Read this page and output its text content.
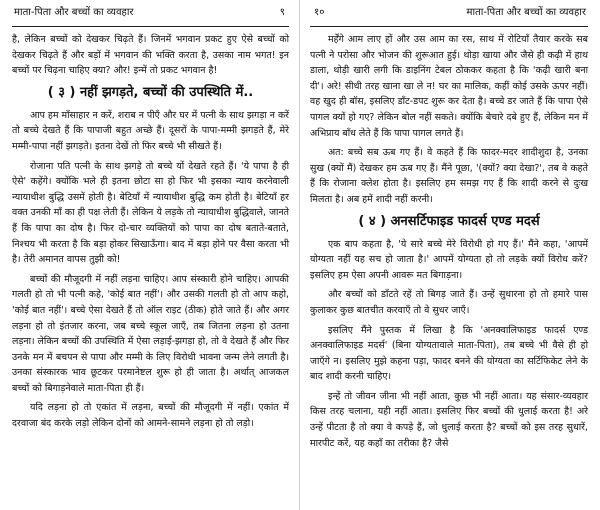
माता-पिता और बच्चों का व्यवहार	९

है, लेकिन बच्चों को देखकर चिढ़ते हैं। जिनमें भगवान प्रकट हुए ऐसे बच्चों को देखकर चिढ़ते हैं और बड़ों में भगवान की भक्ति करता है, उसका नाम भगत! इन बच्चों पर चिढ़ना चाहिए क्या? और! इन्में तो प्रकट भगवान है!

( ३ ) नहीं झगड़ते, बच्चों की उपस्थिति में..

आप हम माँसाहार न करें, शराब न पीएँ और घर में पत्नी के साथ झगड़ा न करें तो बच्चे देखते हैं कि पापाजी बहुत अच्छे हैं। दूसरों के पापा-मम्मी झगड़ते हैं, मेरे मम्मी-पापा नहीं झगड़ते। इतना देखें तो फिर बच्चे भी सीखते हैं।

रोजाना पति पत्नी के साथ झगड़े तो बच्चे यों देखते रहते हैं। 'ये पापा है ही ऐसे' कहेंगे। क्योंकि भले ही इतना छोटा सा हो फिर भी इसका न्याय करनेवाली न्यायाधीश बुद्धि उसमें होती है। बेटियाँ में न्यायाधीश बुद्धि कम होती है। बेटियाँ हर वक्त उनकी माँ का ही पक्ष लेती हैं। लेकिन ये लड़के तो न्यायाधीश बुद्धिवाले, जानते हैं कि पापा का दोष है। फिर दो-चार व्यक्तियों को पापा का दोष बताते-बताते, निश्चय भी करता है कि बड़ा होकर सिखाऊँगा। बाद में बड़ा होने पर वैसा करता भी है। तेरी अमानत वापस तुझी को!

बच्चों की मौजूदगी में नहीं लड़ना चाहिए। आप संस्कारी होने चाहिए। आपकी गलती हो तो भी पत्नी कहे, 'कोई बात नहीं'। और उसकी गलती हो तो आप कहो, 'कोई बात नहीं'। बच्चे ऐसा देखते हैं तो ऑल राइट (ठीक) होते जाते हैं। और अगर लड़ना हो तो इंतजार करना, जब बच्चे स्कूल जाएँ, तब जितना लड़ना हो उतना लड़ना। लेकिन बच्चों की उपस्थिति में ऐसा लड़ाई-झगड़ा हो, तो वे देखते हैं और फिर उनके मन में बचपन से पापा और मम्मी के लिए विरोधी भावना जन्म लेने लगती है। उनका संस्कारक भाव छूटकर परमानेष्टल शुरू हो ही जाता है। अर्थात् आजकल बच्चों को बिगाड़नेवाले माता-पिता ही हैं।

यदि लड़ना हो तो एकांत में लड़ना, बच्चों की मौजूदगी में नहीं। एकांत में दरवाजा बंद करके लड़ो लेकिन दोनों को आमने-सामने लड़ना हो तो लड़ो।

१०	माता-पिता और बच्चों का व्यवहार

मर्हेंगे आम लाए हों और उस आम का रस, साथ में रोटियाँ तैयार करके सब पत्नी ने परोसा और भोजन की शुरूआत हुई। थोड़ा खाया और जैसे ही कढ़ी में हाथ डाला, थोड़ी खारी लगी कि डाइनिंग टेबल ठोककर कहता है कि 'कढ़ी खारी बना दी'। अरे! सीधी तरह खाना खा ले न! घर का मालिक, कहीं कोई उसके ऊपर नहीं। वह खुद ही बॉस, इसलिए डाँट-डपट शुरू कर देता है। बच्चे डर जाते हैं कि पापा ऐसे पागल क्यों हो गए? लेकिन बोल नहीं सकते। क्योंकि बेचारे दबे हुए हैं, लेकिन मन में अभिप्राय बाँध लेते हैं कि पापा पागल लगते हैं।

अत: बच्चे सब ऊब गए हैं। वे कहते हैं कि फादर-मदर शादीशुदा है, उनका सुख (क्यों मैं) देखकर हम ऊब गए हैं। मैंने पूछा, '(क्यों? क्या देखा?', तब वे कहते हैं कि रोजाना क्लेश होता है। इसलिए हम समझ गए हैं कि शादी करने से दुःख मिलता है। अब हमें शादी नहीं करनी।

( ४ ) अनसर्टिफाइड फादर्स एण्ड मदर्स

एक बाप कहता है, 'ये सारे बच्चे मेरे विरोधी हो गए हैं।' मैंने कहा, 'आपमें योग्यता नहीं यह सच हो जाता है।' आपमें योग्यता हो तो लड़के क्यों विरोध करें? इसलिए हम ऐसा अपनी आवरू मत बिगाड़ना।

और बच्चों को डाँटते रहें तो बिगड़ जाते हैं। उन्हें सुधारना हो तो हमारे पास कुलाकर कुछ बातचीत करवाएँ तो वे सुधर जाएँ।

इसलिए मैंने पुस्तक में लिखा है कि 'अनक्वालिफाइड फादर्स एण्ड अनक्वालिफाइड मदर्स' (बिना योग्यतावाले माता-पिता), तब बच्चे भी वैसे ही हो जाएँगे न। इसलिए मुझे कहना पड़ा, फादर बनने की योग्यता का सर्टिफिकेट लेने के बाद शादी करनी चाहिए।

इन्हें तो जीवन जीना भी नहीं आता, कुछ भी नहीं आता। यह संसार-व्यवहार किस तरह चलाना, यही नहीं आता। इसलिए फिर बच्चों की धुलाई करता है! अरे उन्हें पीटता है तो क्या वे कपड़े हैं, जो धुलाई करता है? बच्चों को इस तरह सुधारें, मारपीट करें, यह कहाँ का तरीका है? जैसे
